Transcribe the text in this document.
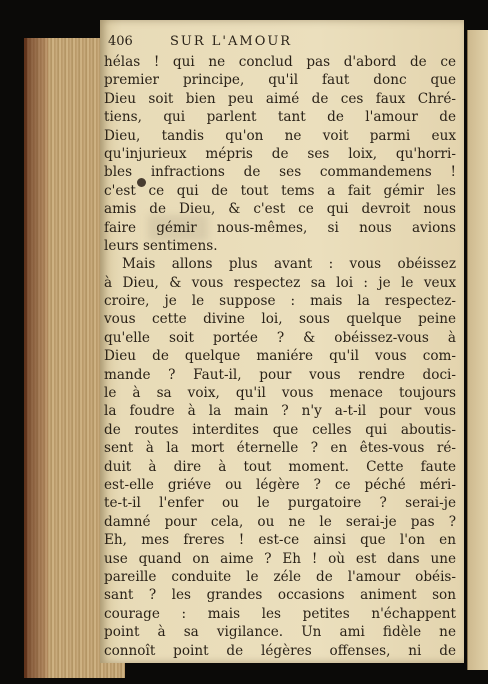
406	SUR L'AMOUR
hélas ! qui ne conclud pas d'abord de ce
premier principe, qu'il faut donc que
Dieu soit bien peu aimé de ces faux Chré-
tiens, qui parlent tant de l'amour de
Dieu, tandis qu'on ne voit parmi eux
qu'injurieux mépris de ses loix, qu'horri-
bles infractions de ses commandemens !
c'est ce qui de tout tems a fait gémir les
amis de Dieu, & c'est ce qui devroit nous
faire gémir nous-mêmes, si nous avions
leurs sentimens.
Mais allons plus avant : vous obéissez
à Dieu, & vous respectez sa loi : je le veux
croire, je le suppose : mais la respectez-
vous cette divine loi, sous quelque peine
qu'elle soit portée ? & obéissez-vous à
Dieu de quelque maniére qu'il vous com-
mande ? Faut-il, pour vous rendre doci-
le à sa voix, qu'il vous menace toujours
la foudre à la main ? n'y a-t-il pour vous
de routes interdites que celles qui aboutis-
sent à la mort éternelle ? en êtes-vous ré-
duit à dire à tout moment. Cette faute
est-elle griéve ou légère ? ce péché méri-
te-t-il l'enfer ou le purgatoire ? serai-je
damné pour cela, ou ne le serai-je pas ?
Eh, mes freres ! est-ce ainsi que l'on en
use quand on aime ? Eh ! où est dans une
pareille conduite le zéle de l'amour obéis-
sant ? les grandes occasions animent son
courage : mais les petites n'échappent
point à sa vigilance. Un ami fidèle ne
connoît point de légères offenses, ni de
